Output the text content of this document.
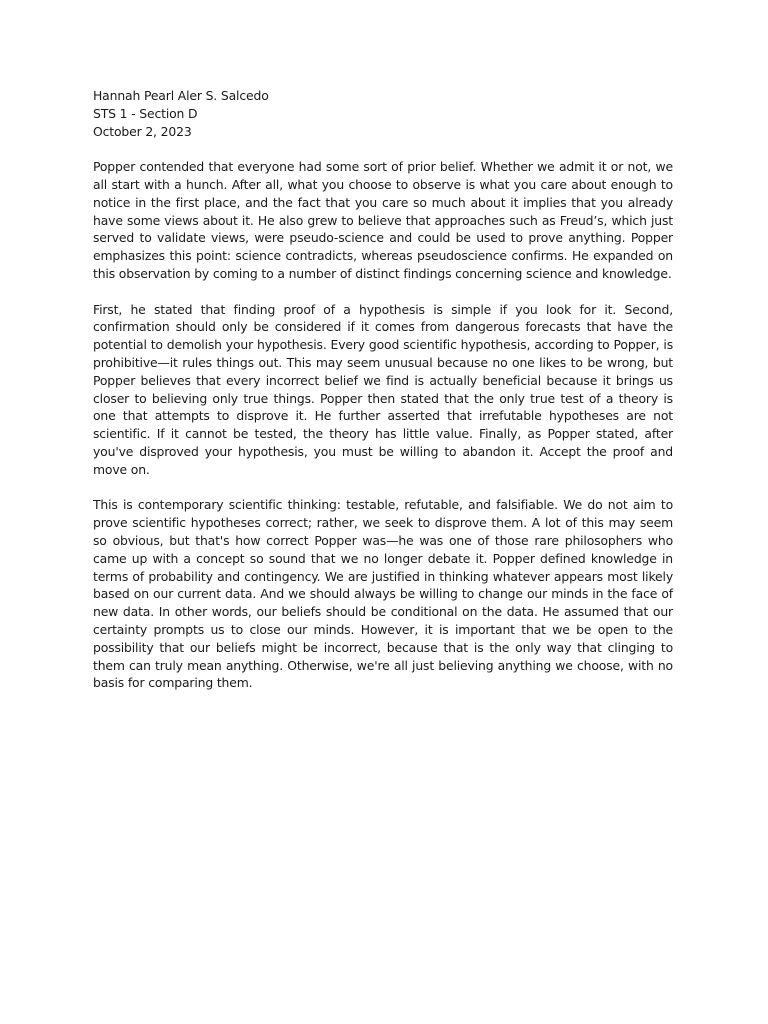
Hannah Pearl Aler S. Salcedo
STS 1 - Section D
October 2, 2023

Popper contended that everyone had some sort of prior belief. Whether we admit it or not, we all start with a hunch. After all, what you choose to observe is what you care about enough to notice in the first place, and the fact that you care so much about it implies that you already have some views about it. He also grew to believe that approaches such as Freud’s, which just served to validate views, were pseudo-science and could be used to prove anything. Popper emphasizes this point: science contradicts, whereas pseudoscience confirms. He expanded on this observation by coming to a number of distinct findings concerning science and knowledge.

First, he stated that finding proof of a hypothesis is simple if you look for it. Second, confirmation should only be considered if it comes from dangerous forecasts that have the potential to demolish your hypothesis. Every good scientific hypothesis, according to Popper, is prohibitive—it rules things out. This may seem unusual because no one likes to be wrong, but Popper believes that every incorrect belief we find is actually beneficial because it brings us closer to believing only true things. Popper then stated that the only true test of a theory is one that attempts to disprove it. He further asserted that irrefutable hypotheses are not scientific. If it cannot be tested, the theory has little value. Finally, as Popper stated, after you've disproved your hypothesis, you must be willing to abandon it. Accept the proof and move on.

This is contemporary scientific thinking: testable, refutable, and falsifiable. We do not aim to prove scientific hypotheses correct; rather, we seek to disprove them. A lot of this may seem so obvious, but that's how correct Popper was—he was one of those rare philosophers who came up with a concept so sound that we no longer debate it. Popper defined knowledge in terms of probability and contingency. We are justified in thinking whatever appears most likely based on our current data. And we should always be willing to change our minds in the face of new data. In other words, our beliefs should be conditional on the data. He assumed that our certainty prompts us to close our minds. However, it is important that we be open to the possibility that our beliefs might be incorrect, because that is the only way that clinging to them can truly mean anything. Otherwise, we're all just believing anything we choose, with no basis for comparing them.
